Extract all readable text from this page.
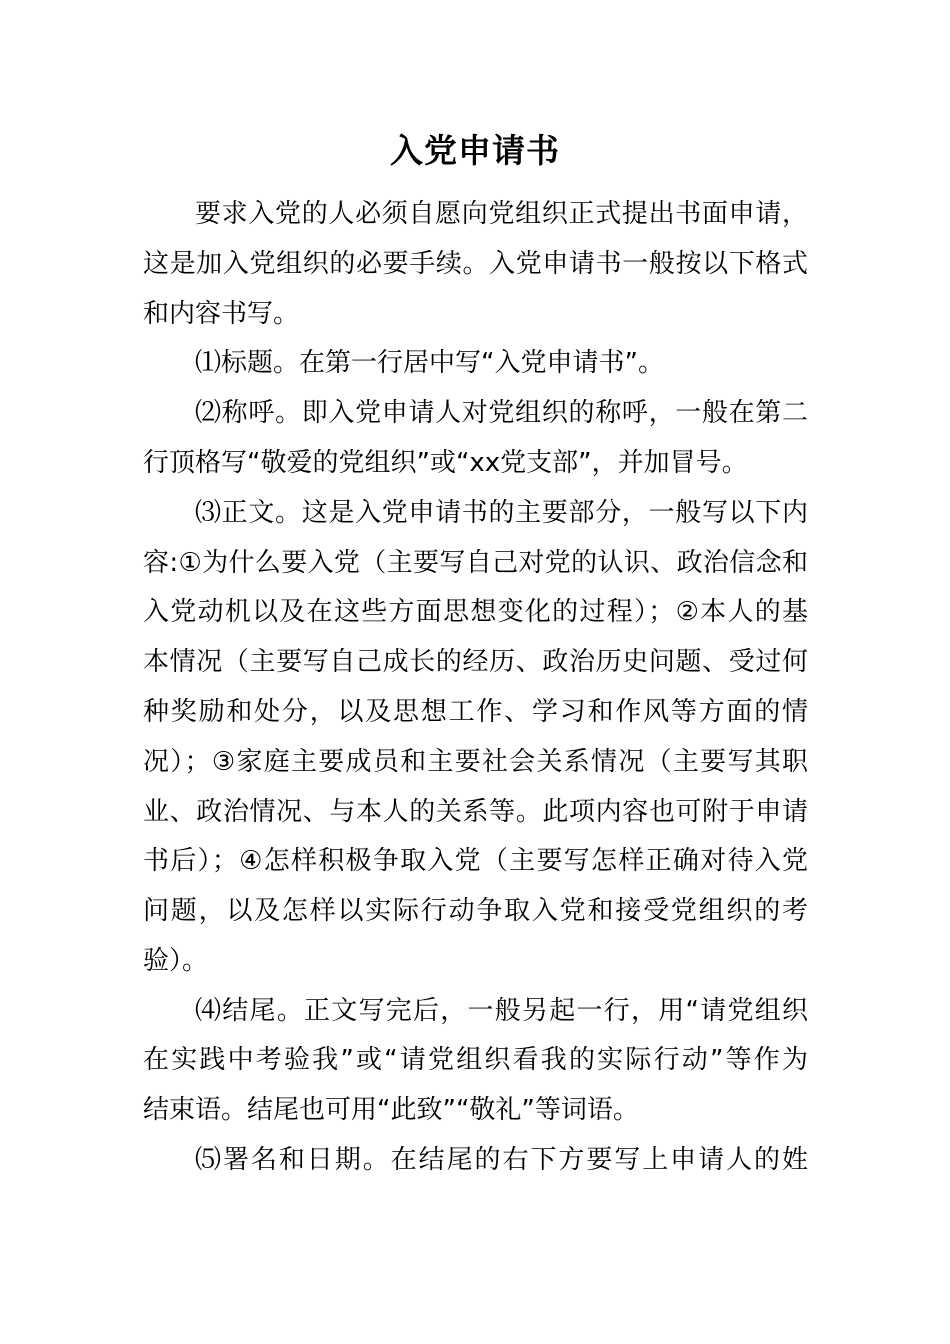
入党申请书
要求入党的人必须自愿向党组织正式提出书面申请，
这是加入党组织的必要手续。入党申请书一般按以下格式
和内容书写。
⑴标题。在第一行居中写“入党申请书”。
⑵称呼。即入党申请人对党组织的称呼，一般在第二
行顶格写“敬爱的党组织”或“xx党支部”，并加冒号。
⑶正文。这是入党申请书的主要部分，一般写以下内
容:①为什么要入党（主要写自己对党的认识、政治信念和
入党动机以及在这些方面思想变化的过程）；②本人的基
本情况（主要写自己成长的经历、政治历史问题、受过何
种奖励和处分，以及思想工作、学习和作风等方面的情
况）；③家庭主要成员和主要社会关系情况（主要写其职
业、政治情况、与本人的关系等。此项内容也可附于申请
书后）；④怎样积极争取入党（主要写怎样正确对待入党
问题，以及怎样以实际行动争取入党和接受党组织的考
验）。
⑷结尾。正文写完后，一般另起一行，用“请党组织
在实践中考验我”或“请党组织看我的实际行动”等作为
结束语。结尾也可用“此致”“敬礼”等词语。
⑸署名和日期。在结尾的右下方要写上申请人的姓
